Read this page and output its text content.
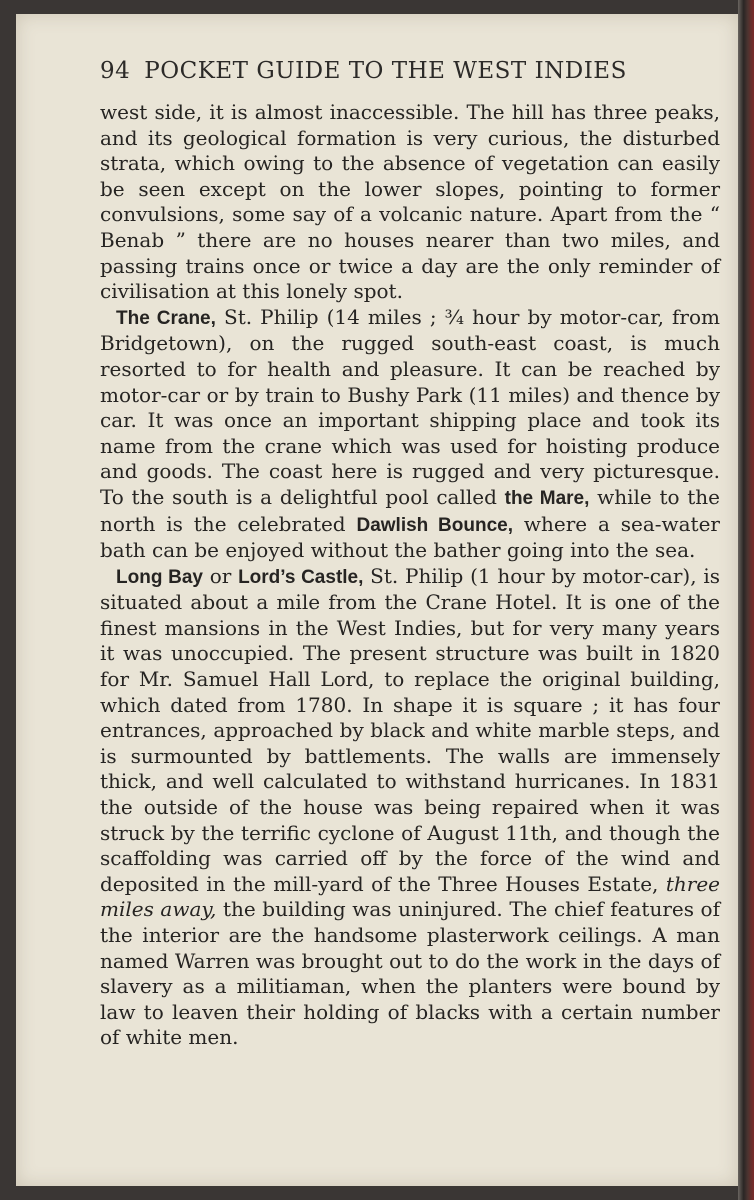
94 POCKET GUIDE TO THE WEST INDIES

west side, it is almost inaccessible. The hill has three peaks, and its geological formation is very curious, the disturbed strata, which owing to the absence of vegetation can easily be seen except on the lower slopes, pointing to former convulsions, some say of a volcanic nature. Apart from the “ Benab ” there are no houses nearer than two miles, and passing trains once or twice a day are the only reminder of civilisation at this lonely spot.

The Crane, St. Philip (14 miles ; ¾ hour by motor-car, from Bridgetown), on the rugged south-east coast, is much resorted to for health and pleasure. It can be reached by motor-car or by train to Bushy Park (11 miles) and thence by car. It was once an important shipping place and took its name from the crane which was used for hoisting produce and goods. The coast here is rugged and very picturesque. To the south is a delightful pool called the Mare, while to the north is the celebrated Dawlish Bounce, where a sea-water bath can be enjoyed without the bather going into the sea.

Long Bay or Lord’s Castle, St. Philip (1 hour by motor-car), is situated about a mile from the Crane Hotel. It is one of the finest mansions in the West Indies, but for very many years it was unoccupied. The present structure was built in 1820 for Mr. Samuel Hall Lord, to replace the original building, which dated from 1780. In shape it is square ; it has four entrances, approached by black and white marble steps, and is surmounted by battlements. The walls are immensely thick, and well calculated to withstand hurricanes. In 1831 the outside of the house was being repaired when it was struck by the terrific cyclone of August 11th, and though the scaffolding was carried off by the force of the wind and deposited in the mill-yard of the Three Houses Estate, three miles away, the building was uninjured. The chief features of the interior are the handsome plasterwork ceilings. A man named Warren was brought out to do the work in the days of slavery as a militiaman, when the planters were bound by law to leaven their holding of blacks with a certain number of white men.
